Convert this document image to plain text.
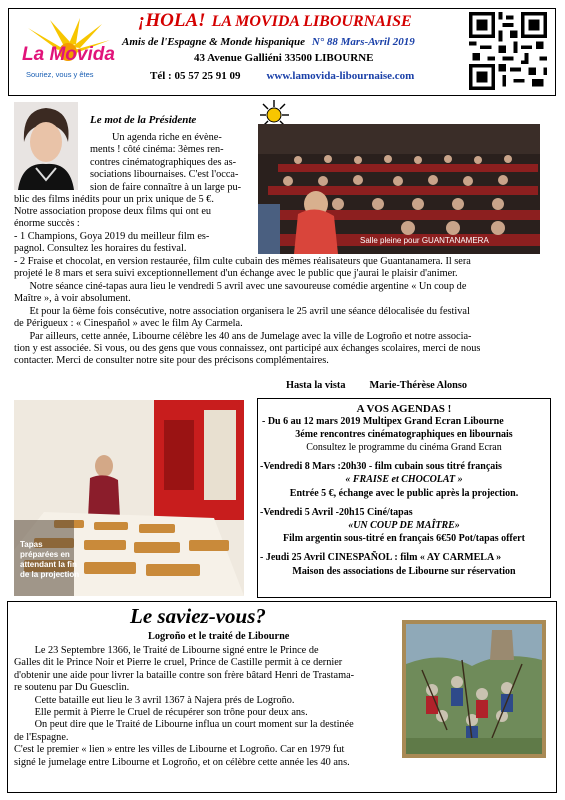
La Movida
Souriez, vous y êtes
¡HOLA! LA MOVIDA LIBOURNAISE
Amis de l'Espagne & Monde hispanique N° 88 Mars-Avril 2019
43 Avenue Galliéni 33500 LIBOURNE
Tél : 05 57 25 91 09 www.lamovida-libournaise.com
Le mot de la Présidente
Salle pleine pour GUANTANAMERA
Un agenda riche en évène-
ments ! côté cinéma: 3èmes ren-
contres cinématographiques des as-
sociations libournaises. C'est l'occa-
sion de faire connaître à un large pu-
blic des films inédits pour un prix unique de 5 €.
Notre association propose deux films qui ont eu
énorme succès :
- 1 Champions, Goya 2019 du meilleur film es-
pagnol. Consultez les horaires du festival.
- 2 Fraise et chocolat, en version restaurée, film culte cubain des mêmes réalisateurs que Guantanamera. Il sera
projeté le 8 mars et sera suivi exceptionnellement d'un échange avec le public que j'aurai le plaisir d'animer.
Notre séance ciné-tapas aura lieu le vendredi 5 avril avec une savoureuse comédie argentine « Un coup de
Maître », à voir absolument.
Et pour la 6ème fois consécutive, notre association organisera le 25 avril une séance délocalisée du festival
de Périgueux : « Cinespañol » avec le film Ay Carmela.
Par ailleurs, cette année, Libourne célèbre les 40 ans de Jumelage avec la ville de Logroño et notre associa-
tion y est associée. Si vous, ou des gens que vous connaissez, ont participé aux échanges scolaires, merci de nous
contacter. Merci de consulter notre site pour des précisons complémentaires.
Hasta la vista Marie-Thérèse Alonso
Tapas
préparées en
attendant la fin
de la projection
A VOS AGENDAS !
- Du 6 au 12 mars 2019 Multipex Grand Ecran Libourne
3éme rencontres cinématographiques en libournais
Consultez le programme du cinéma Grand Ecran
-Vendredi 8 Mars :20h30 - film cubain sous titré français
« FRAISE et CHOCOLAT »
Entrée 5 €, échange avec le public après la projection.
-Vendredi 5 Avril -20h15 Ciné/tapas
«UN COUP DE MAÎTRE»
Film argentin sous-titré en français 6€50 Pot/tapas offert
- Jeudi 25 Avril CINESPAÑOL : film « AY CARMELA »
Maison des associations de Libourne sur réservation
Le saviez-vous?
Logroño et le traité de Libourne
Le 23 Septembre 1366, le Traité de Libourne signé entre le Prince de
Galles dit le Prince Noir et Pierre le cruel, Prince de Castille permit à ce dernier
d'obtenir une aide pour livrer la bataille contre son frère bâtard Henri de Trastama-
re soutenu par Du Guesclin.
Cette bataille eut lieu le 3 avril 1367 à Najera prés de Logroño.
Elle permit à Pierre le Cruel de récupérer son trône pour deux ans.
On peut dire que le Traité de Libourne influa un court moment sur la destinée
de l'Espagne.
C'est le premier « lien » entre les villes de Libourne et Logroño. Car en 1979 fut
signé le jumelage entre Libourne et Logroño, et on célèbre cette année les 40 ans.
